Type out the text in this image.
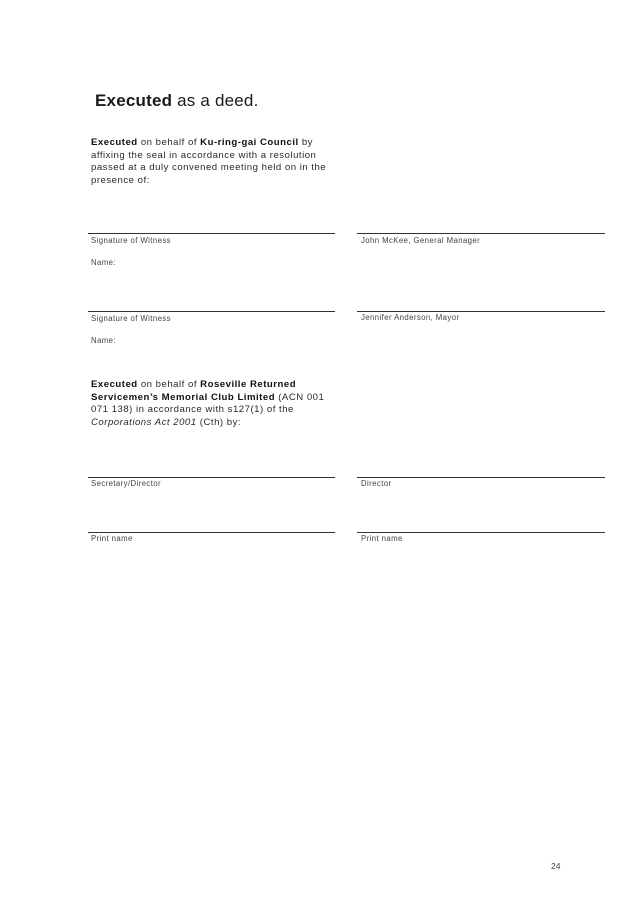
Executed as a deed.

Executed on behalf of Ku-ring-gai Council by affixing the seal in accordance with a resolution passed at a duly convened meeting held on in the presence of:

Signature of Witness	John McKee, General Manager
Name:
Signature of Witness	Jennifer Anderson, Mayor
Name:

Executed on behalf of Roseville Returned Servicemen’s Memorial Club Limited (ACN 001 071 138) in accordance with s127(1) of the Corporations Act 2001 (Cth) by:

Secretary/Director	Director
Print name	Print name
24
